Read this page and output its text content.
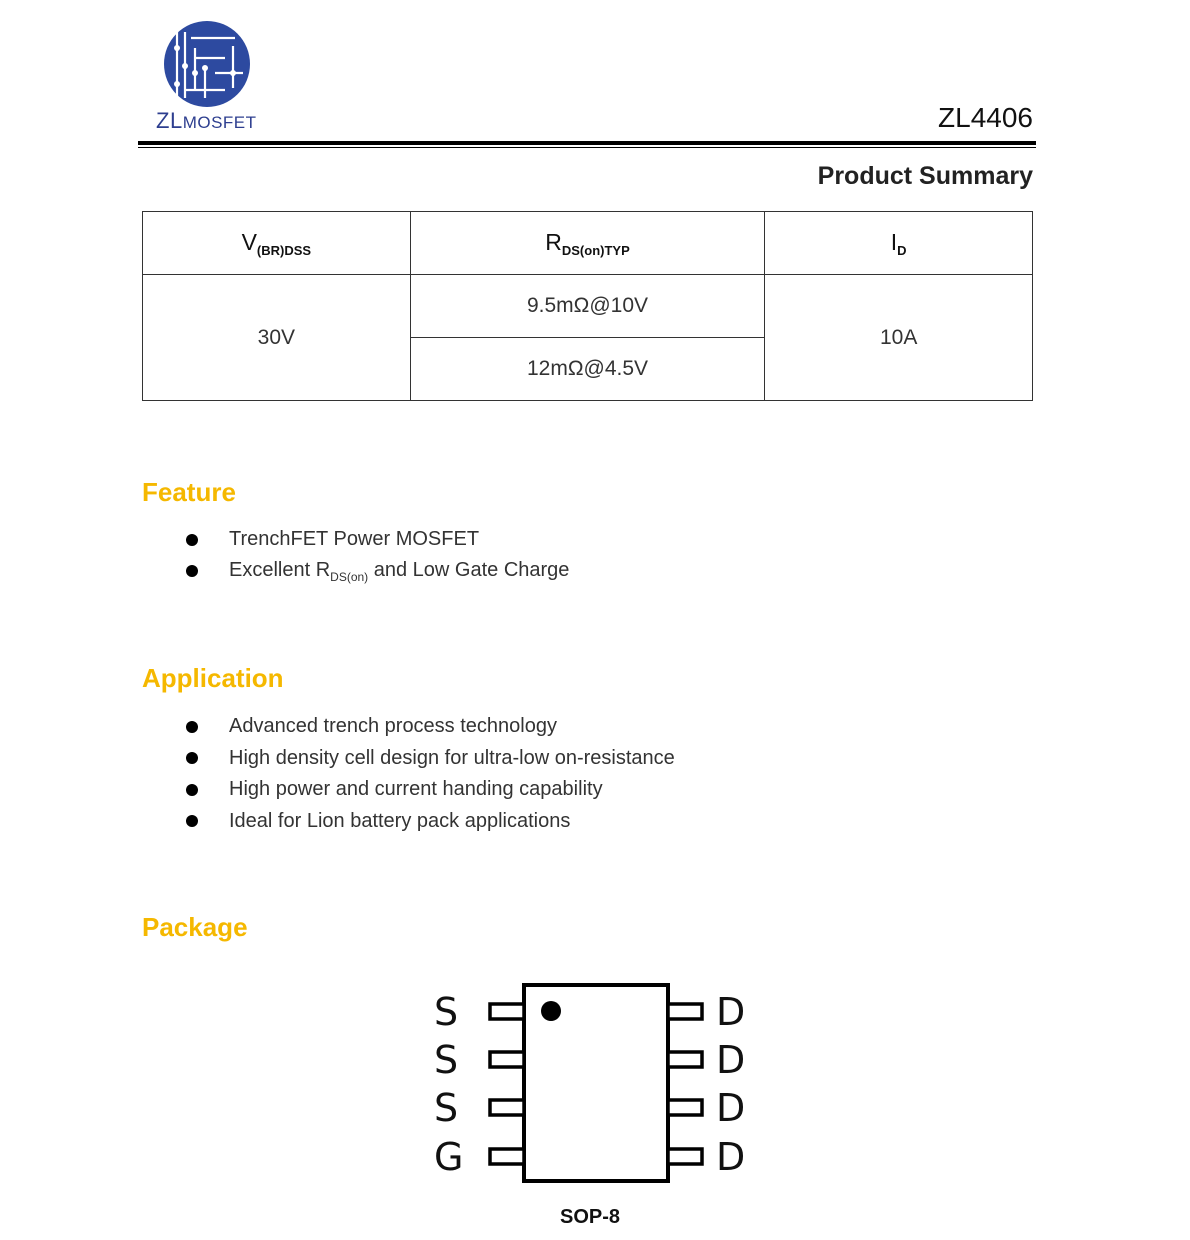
ZLMOSFET	ZL4406
Product Summary
$V_{(BR)DSS}$	$R_{DS(on)TYP}$	$I_D$
30V	9.5mΩ@10V	10A
	12mΩ@4.5V	
Feature
TrenchFET Power MOSFET
Excellent $R_{DS(on)}$ and Low Gate Charge
Application
Advanced trench process technology
High density cell design for ultra-low on-resistance
High power and current handing capability
Ideal for Lion battery pack applications
Package
S
S
S
G
D
D
D
D
SOP-8
